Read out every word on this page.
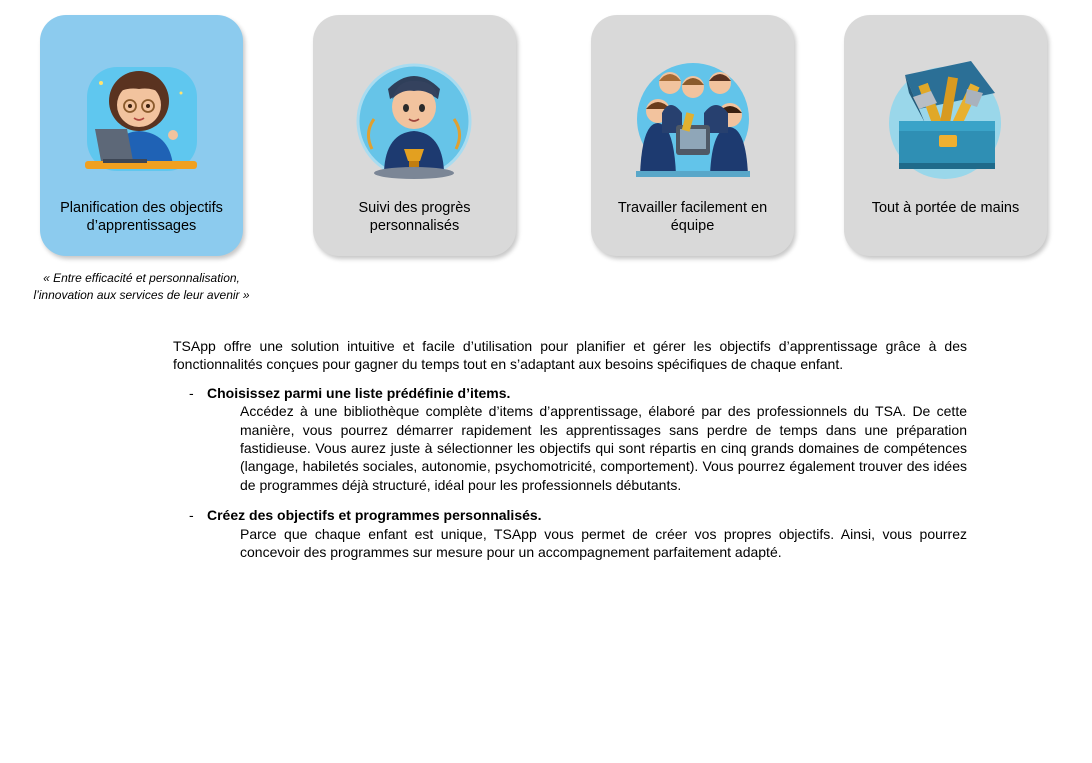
Planification des objectifs d’apprentissages
Suivi des progrès personnalisés
Travailler facilement en équipe
Tout à portée de mains
« Entre efficacité et personnalisation,
l’innovation aux services de leur avenir »

TSApp offre une solution intuitive et facile d’utilisation pour planifier et gérer les objectifs d’apprentissage grâce à des fonctionnalités conçues pour gagner du temps tout en s’adaptant aux besoins spécifiques de chaque enfant.

- Choisissez parmi une liste prédéfinie d’items.
Accédez à une bibliothèque complète d’items d’apprentissage, élaboré par des professionnels du TSA. De cette manière, vous pourrez démarrer rapidement les apprentissages sans perdre de temps dans une préparation fastidieuse. Vous aurez juste à sélectionner les objectifs qui sont répartis en cinq grands domaines de compétences (langage, habiletés sociales, autonomie, psychomotricité, comportement). Vous pourrez également trouver des idées de programmes déjà structuré, idéal pour les professionnels débutants.
- Créez des objectifs et programmes personnalisés.
Parce que chaque enfant est unique, TSApp vous permet de créer vos propres objectifs. Ainsi, vous pourrez concevoir des programmes sur mesure pour un accompagnement parfaitement adapté.
